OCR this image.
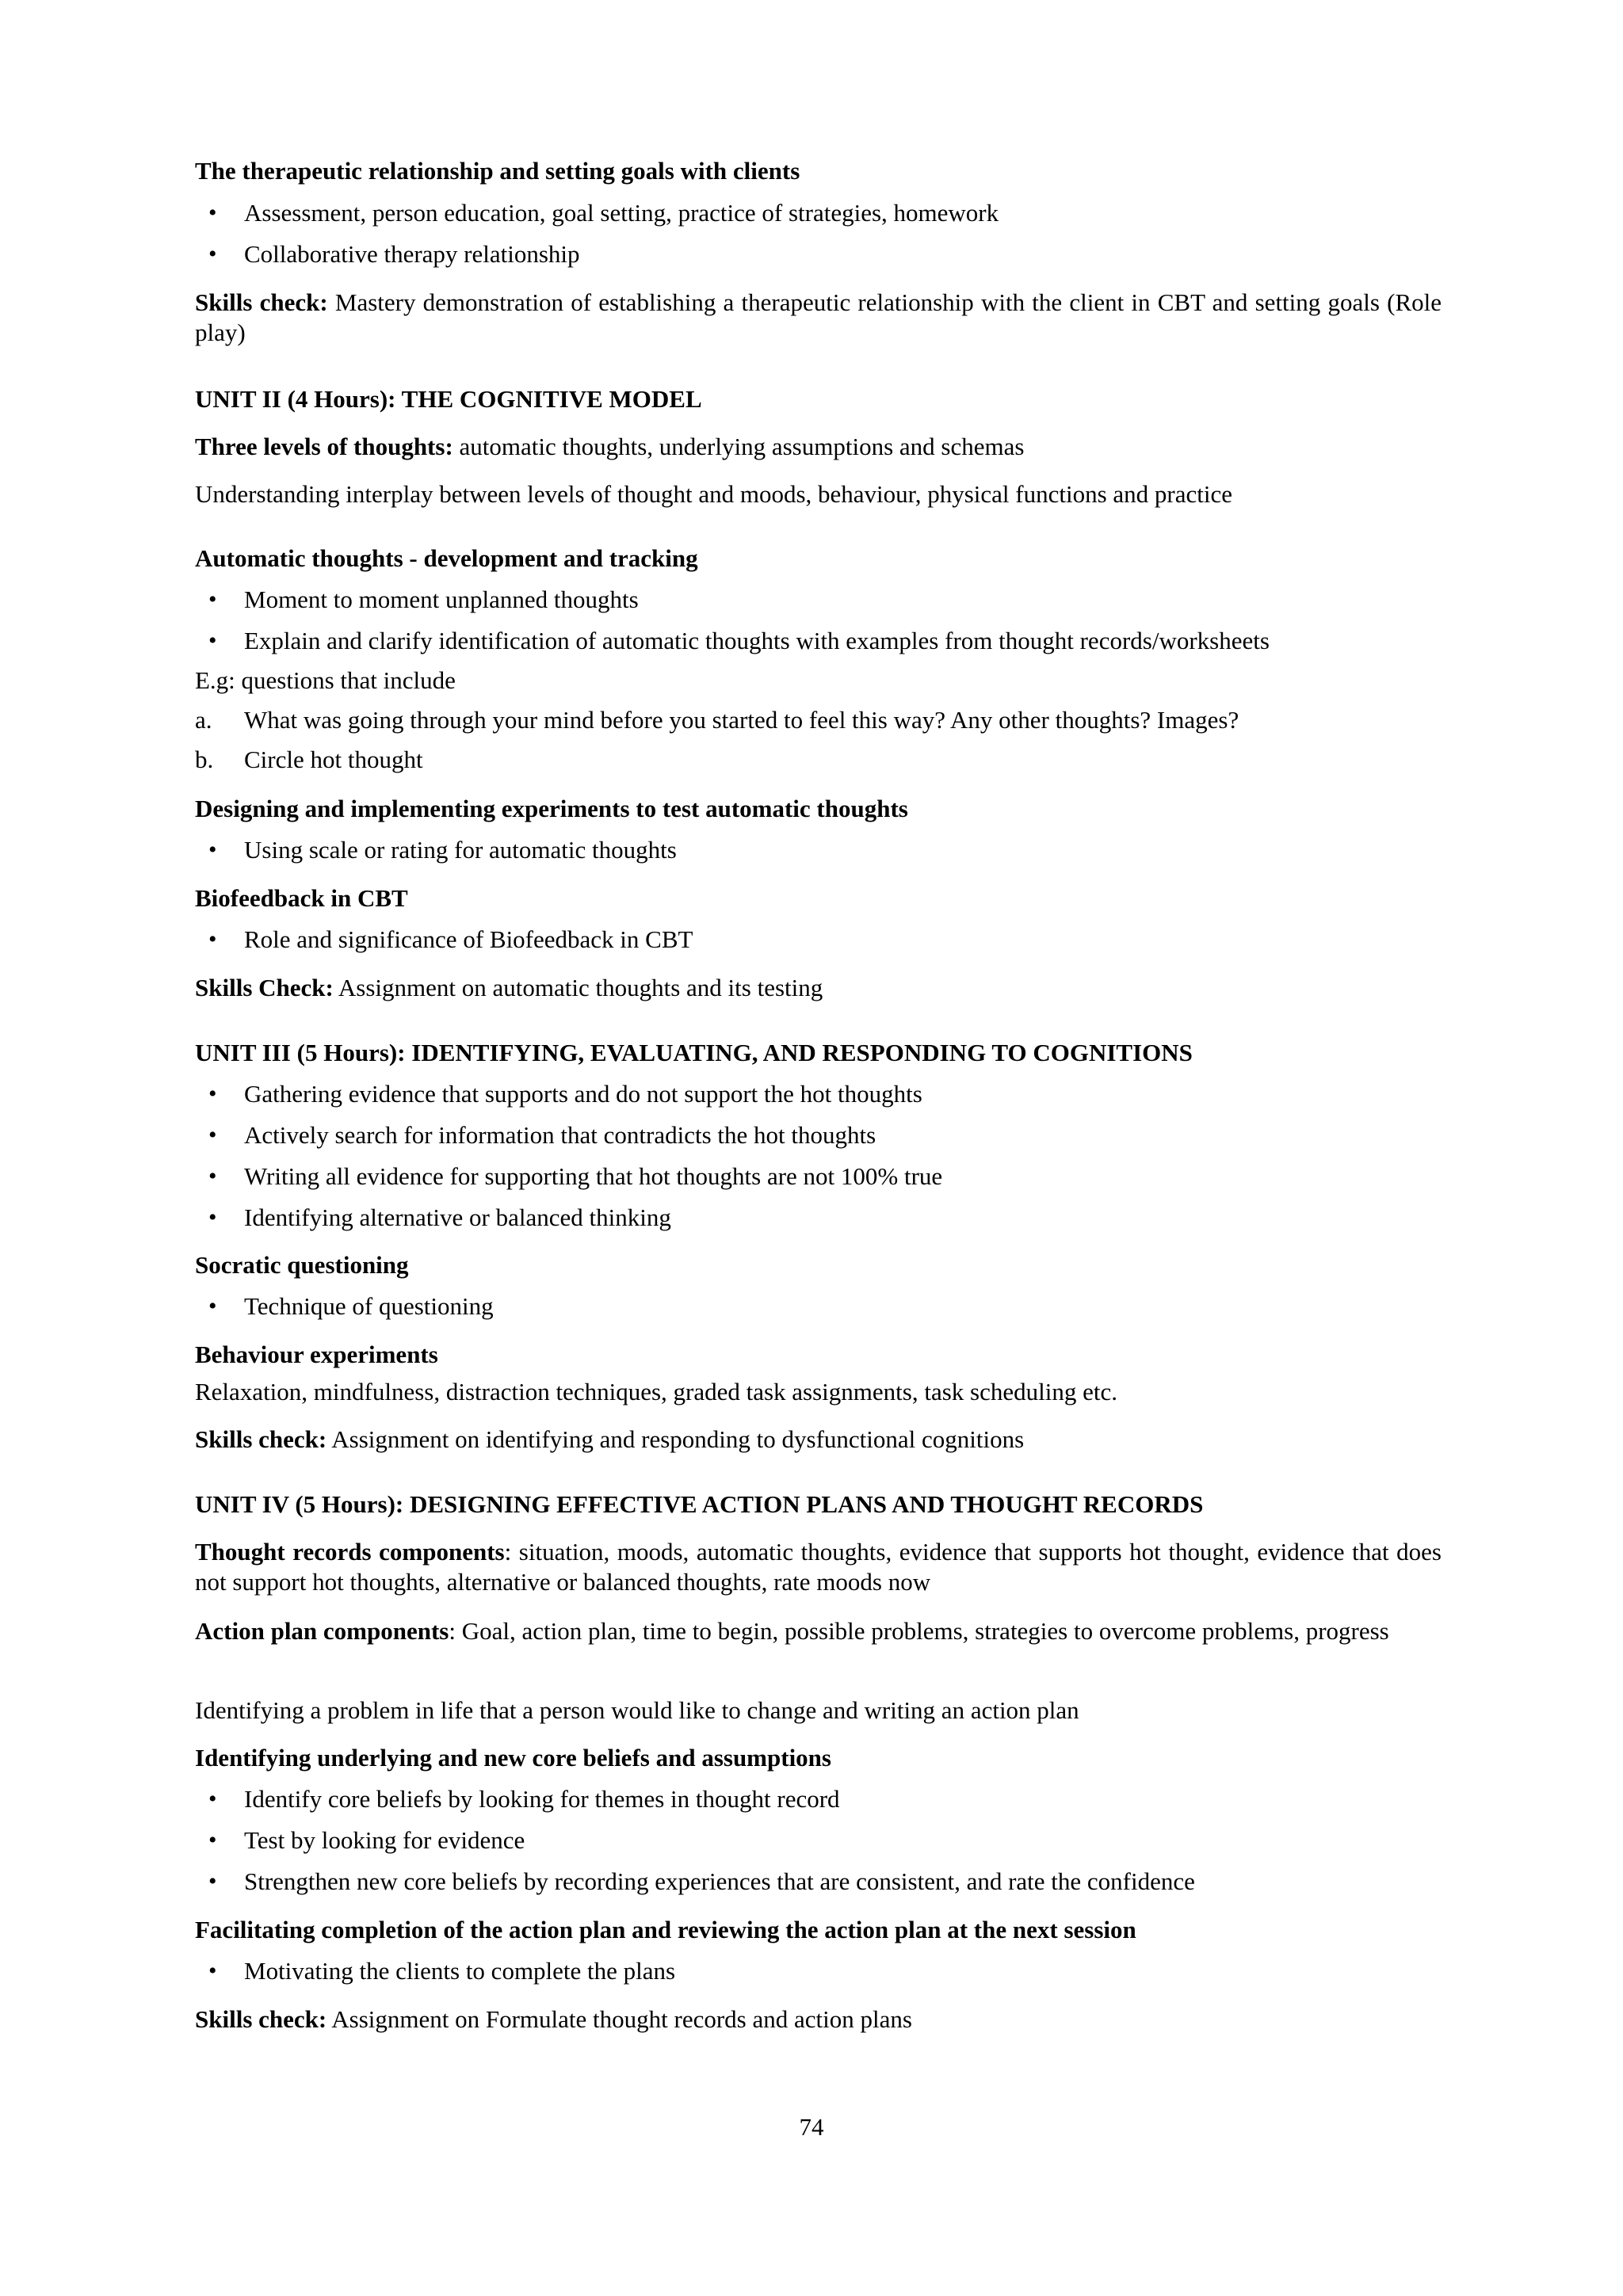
The therapeutic relationship and setting goals with clients
• Assessment, person education, goal setting, practice of strategies, homework
• Collaborative therapy relationship
Skills check: Mastery demonstration of establishing a therapeutic relationship with the client in CBT and setting goals (Role play)
UNIT II (4 Hours): THE COGNITIVE MODEL
Three levels of thoughts: automatic thoughts, underlying assumptions and schemas
Understanding interplay between levels of thought and moods, behaviour, physical functions and practice
Automatic thoughts - development and tracking
• Moment to moment unplanned thoughts
• Explain and clarify identification of automatic thoughts with examples from thought records/worksheets
E.g: questions that include
a. What was going through your mind before you started to feel this way? Any other thoughts? Images?
b. Circle hot thought
Designing and implementing experiments to test automatic thoughts
• Using scale or rating for automatic thoughts
Biofeedback in CBT
• Role and significance of Biofeedback in CBT
Skills Check: Assignment on automatic thoughts and its testing
UNIT III (5 Hours): IDENTIFYING, EVALUATING, AND RESPONDING TO COGNITIONS
• Gathering evidence that supports and do not support the hot thoughts
• Actively search for information that contradicts the hot thoughts
• Writing all evidence for supporting that hot thoughts are not 100% true
• Identifying alternative or balanced thinking
Socratic questioning
• Technique of questioning
Behaviour experiments
Relaxation, mindfulness, distraction techniques, graded task assignments, task scheduling etc.
Skills check: Assignment on identifying and responding to dysfunctional cognitions
UNIT IV (5 Hours): DESIGNING EFFECTIVE ACTION PLANS AND THOUGHT RECORDS
Thought records components: situation, moods, automatic thoughts, evidence that supports hot thought, evidence that does not support hot thoughts, alternative or balanced thoughts, rate moods now
Action plan components: Goal, action plan, time to begin, possible problems, strategies to overcome problems, progress
Identifying a problem in life that a person would like to change and writing an action plan
Identifying underlying and new core beliefs and assumptions
• Identify core beliefs by looking for themes in thought record
• Test by looking for evidence
• Strengthen new core beliefs by recording experiences that are consistent, and rate the confidence
Facilitating completion of the action plan and reviewing the action plan at the next session
• Motivating the clients to complete the plans
Skills check: Assignment on Formulate thought records and action plans
74
